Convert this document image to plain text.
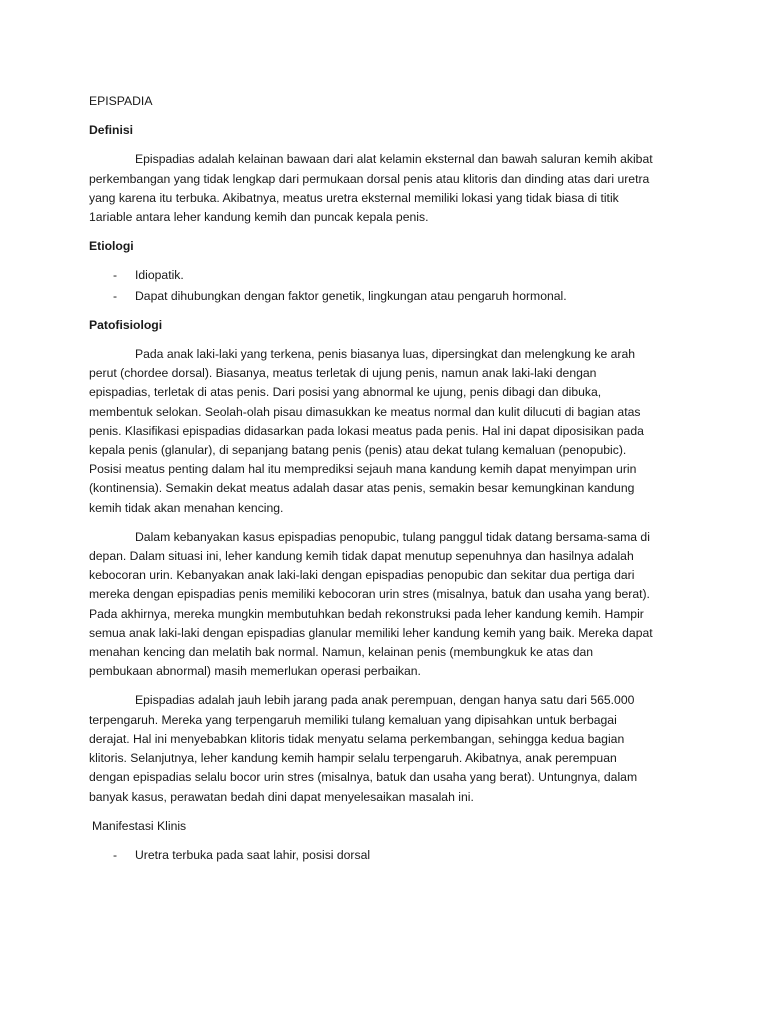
EPISPADIA
Definisi
Epispadias adalah kelainan bawaan dari alat kelamin eksternal dan bawah saluran kemih akibat
perkembangan yang tidak lengkap dari permukaan dorsal penis atau klitoris dan dinding atas dari uretra
yang karena itu terbuka. Akibatnya, meatus uretra eksternal memiliki lokasi yang tidak biasa di titik
1ariable antara leher kandung kemih dan puncak kepala penis.
Etiologi
- Idiopatik.
- Dapat dihubungkan dengan faktor genetik, lingkungan atau pengaruh hormonal.
Patofisiologi
Pada anak laki-laki yang terkena, penis biasanya luas, dipersingkat dan melengkung ke arah
perut (chordee dorsal). Biasanya, meatus terletak di ujung penis, namun anak laki-laki dengan
epispadias, terletak di atas penis. Dari posisi yang abnormal ke ujung, penis dibagi dan dibuka,
membentuk selokan. Seolah-olah pisau dimasukkan ke meatus normal dan kulit dilucuti di bagian atas
penis. Klasifikasi epispadias didasarkan pada lokasi meatus pada penis. Hal ini dapat diposisikan pada
kepala penis (glanular), di sepanjang batang penis (penis) atau dekat tulang kemaluan (penopubic).
Posisi meatus penting dalam hal itu memprediksi sejauh mana kandung kemih dapat menyimpan urin
(kontinensia). Semakin dekat meatus adalah dasar atas penis, semakin besar kemungkinan kandung
kemih tidak akan menahan kencing.
Dalam kebanyakan kasus epispadias penopubic, tulang panggul tidak datang bersama-sama di
depan. Dalam situasi ini, leher kandung kemih tidak dapat menutup sepenuhnya dan hasilnya adalah
kebocoran urin. Kebanyakan anak laki-laki dengan epispadias penopubic dan sekitar dua pertiga dari
mereka dengan epispadias penis memiliki kebocoran urin stres (misalnya, batuk dan usaha yang berat).
Pada akhirnya, mereka mungkin membutuhkan bedah rekonstruksi pada leher kandung kemih. Hampir
semua anak laki-laki dengan epispadias glanular memiliki leher kandung kemih yang baik. Mereka dapat
menahan kencing dan melatih bak normal. Namun, kelainan penis (membungkuk ke atas dan
pembukaan abnormal) masih memerlukan operasi perbaikan.
Epispadias adalah jauh lebih jarang pada anak perempuan, dengan hanya satu dari 565.000
terpengaruh. Mereka yang terpengaruh memiliki tulang kemaluan yang dipisahkan untuk berbagai
derajat. Hal ini menyebabkan klitoris tidak menyatu selama perkembangan, sehingga kedua bagian
klitoris. Selanjutnya, leher kandung kemih hampir selalu terpengaruh. Akibatnya, anak perempuan
dengan epispadias selalu bocor urin stres (misalnya, batuk dan usaha yang berat). Untungnya, dalam
banyak kasus, perawatan bedah dini dapat menyelesaikan masalah ini.
Manifestasi Klinis
- Uretra terbuka pada saat lahir, posisi dorsal
